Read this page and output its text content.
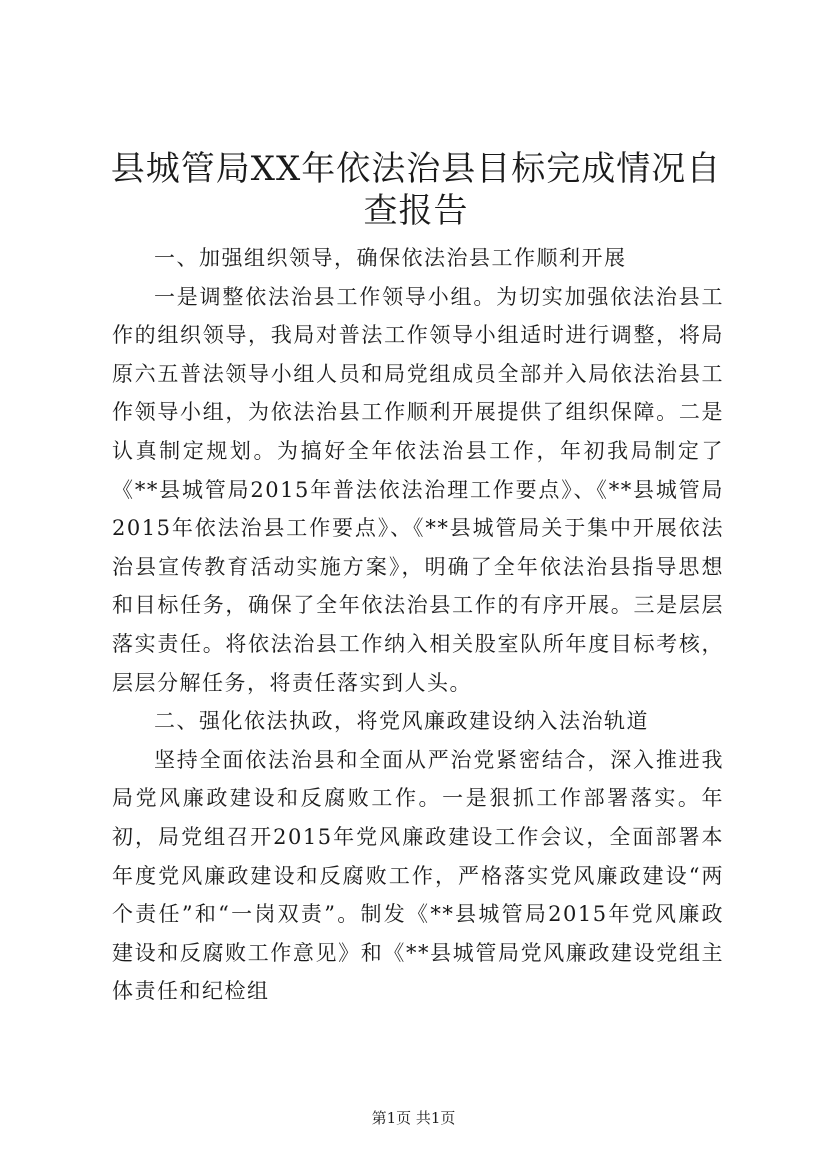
县城管局XX年依法治县目标完成情况自查报告

一、加强组织领导，确保依法治县工作顺利开展

一是调整依法治县工作领导小组。为切实加强依法治县工作的组织领导，我局对普法工作领导小组适时进行调整，将局原六五普法领导小组人员和局党组成员全部并入局依法治县工作领导小组，为依法治县工作顺利开展提供了组织保障。二是认真制定规划。为搞好全年依法治县工作，年初我局制定了《**县城管局2015年普法依法治理工作要点》、《**县城管局2015年依法治县工作要点》、《**县城管局关于集中开展依法治县宣传教育活动实施方案》，明确了全年依法治县指导思想和目标任务，确保了全年依法治县工作的有序开展。三是层层落实责任。将依法治县工作纳入相关股室队所年度目标考核，层层分解任务，将责任落实到人头。

二、强化依法执政，将党风廉政建设纳入法治轨道

坚持全面依法治县和全面从严治党紧密结合，深入推进我局党风廉政建设和反腐败工作。一是狠抓工作部署落实。年初，局党组召开2015年党风廉政建设工作会议，全面部署本年度党风廉政建设和反腐败工作，严格落实党风廉政建设“两个责任”和“一岗双责”。制发《**县城管局2015年党风廉政建设和反腐败工作意见》和《**县城管局党风廉政建设党组主体责任和纪检组

第1页 共1页
